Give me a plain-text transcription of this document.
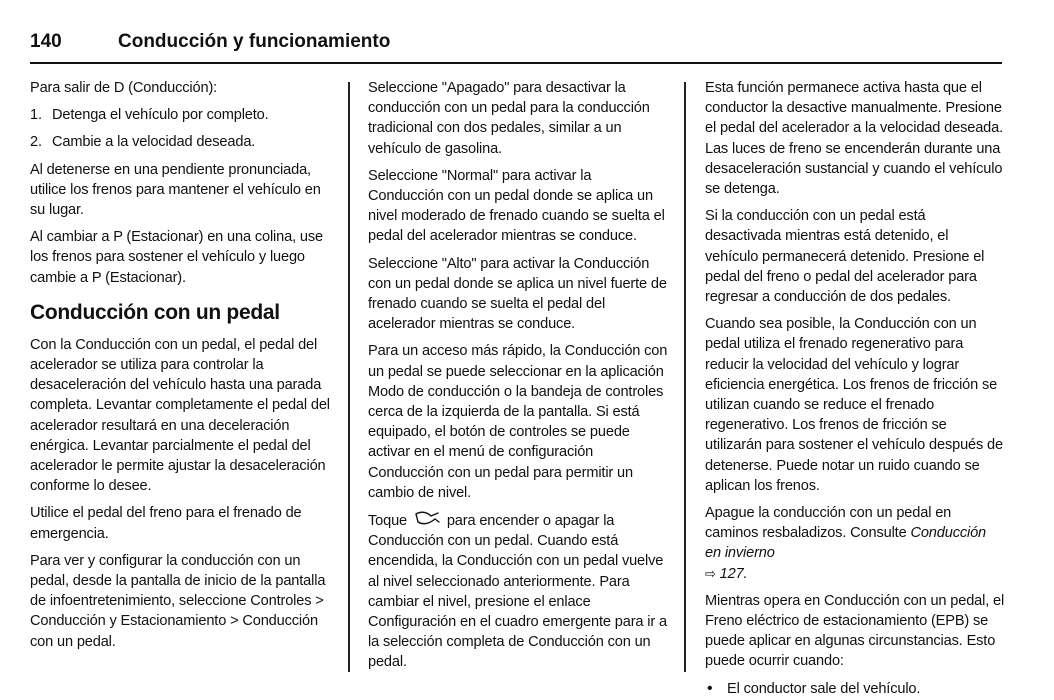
140	Conducción y funcionamiento

Para salir de D (Conducción):

1. Detenga el vehículo por completo.
2. Cambie a la velocidad deseada.

Al detenerse en una pendiente pronunciada, utilice los frenos para mantener el vehículo en su lugar.

Al cambiar a P (Estacionar) en una colina, use los frenos para sostener el vehículo y luego cambie a P (Estacionar).

Conducción con un pedal

Con la Conducción con un pedal, el pedal del acelerador se utiliza para controlar la desaceleración del vehículo hasta una parada completa. Levantar completamente el pedal del acelerador resultará en una deceleración enérgica. Levantar parcialmente el pedal del acelerador le permite ajustar la desaceleración conforme lo desee.

Utilice el pedal del freno para el frenado de emergencia.

Para ver y configurar la conducción con un pedal, desde la pantalla de inicio de la pantalla de infoentretenimiento, seleccione Controles > Conducción y Estacionamiento > Conducción con un pedal.

Seleccione "Apagado" para desactivar la conducción con un pedal para la conducción tradicional con dos pedales, similar a un vehículo de gasolina.

Seleccione "Normal" para activar la Conducción con un pedal donde se aplica un nivel moderado de frenado cuando se suelta el pedal del acelerador mientras se conduce.

Seleccione "Alto" para activar la Conducción con un pedal donde se aplica un nivel fuerte de frenado cuando se suelta el pedal del acelerador mientras se conduce.

Para un acceso más rápido, la Conducción con un pedal se puede seleccionar en la aplicación Modo de conducción o la bandeja de controles cerca de la izquierda de la pantalla. Si está equipado, el botón de controles se puede activar en el menú de configuración Conducción con un pedal para permitir un cambio de nivel.

Toque	para encender o apagar la Conducción con un pedal. Cuando está encendida, la Conducción con un pedal vuelve al nivel seleccionado anteriormente. Para cambiar el nivel, presione el enlace Configuración en el cuadro emergente para ir a la selección completa de Conducción con un pedal.

Esta función permanece activa hasta que el conductor la desactive manualmente. Presione el pedal del acelerador a la velocidad deseada. Las luces de freno se encenderán durante una desaceleración sustancial y cuando el vehículo se detenga.

Si la conducción con un pedal está desactivada mientras está detenido, el vehículo permanecerá detenido. Presione el pedal del freno o pedal del acelerador para regresar a conducción de dos pedales.

Cuando sea posible, la Conducción con un pedal utiliza el frenado regenerativo para reducir la velocidad del vehículo y lograr eficiencia energética. Los frenos de fricción se utilizan cuando se reduce el frenado regenerativo. Los frenos de fricción se utilizarán para sostener el vehículo después de detenerse. Puede notar un ruido cuando se aplican los frenos.

Apague la conducción con un pedal en caminos resbaladizos. Consulte Conducción en invierno
⇨ 127.

Mientras opera en Conducción con un pedal, el Freno eléctrico de estacionamiento (EPB) se puede aplicar en algunas circunstancias. Esto puede ocurrir cuando:

• El conductor sale del vehículo.
